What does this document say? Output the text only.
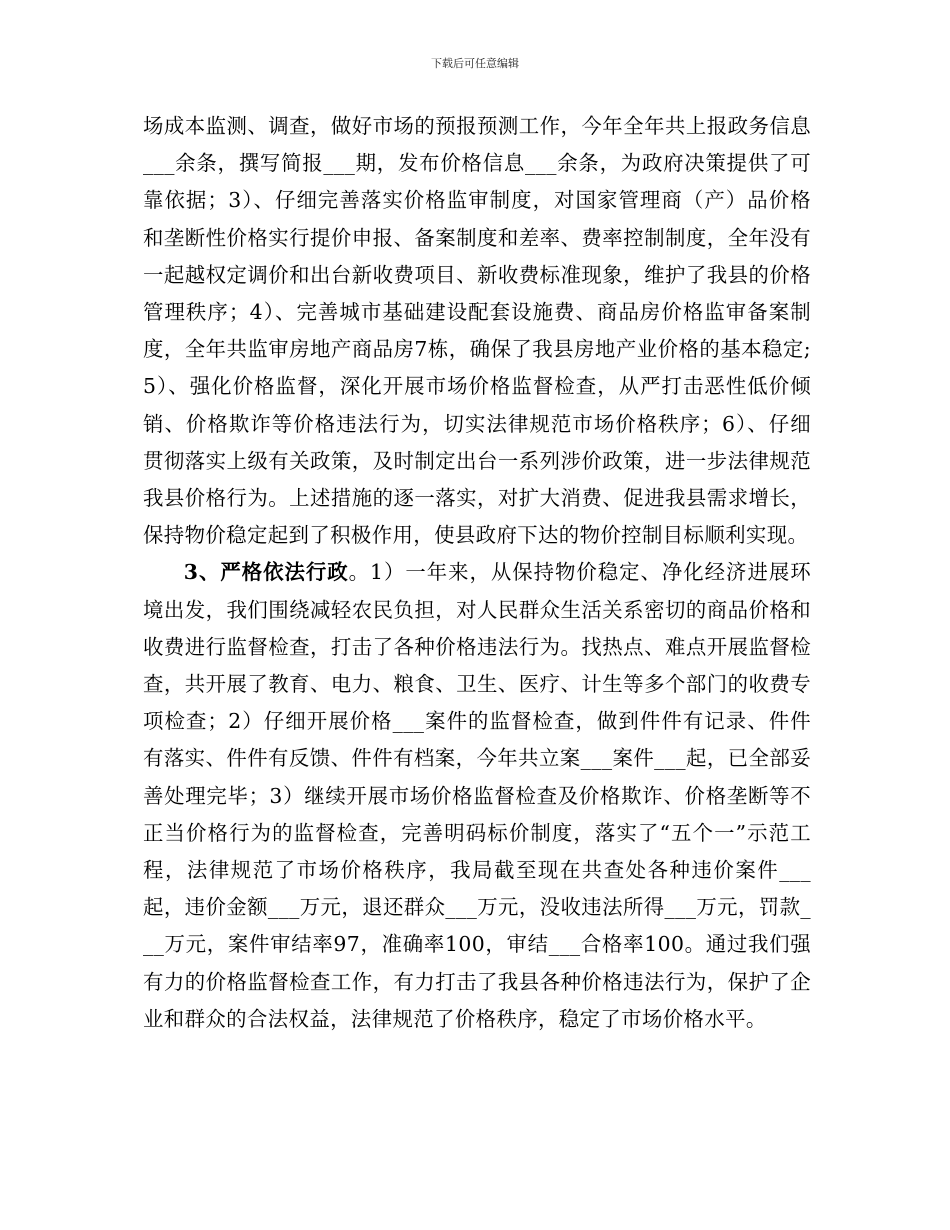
下载后可任意编辑

场成本监测、调查，做好市场的预报预测工作，今年全年共上报政务信息___余条，撰写简报___期，发布价格信息___余条，为政府决策提供了可靠依据；3）、仔细完善落实价格监审制度，对国家管理商（产）品价格和垄断性价格实行提价申报、备案制度和差率、费率控制制度，全年没有一起越权定调价和出台新收费项目、新收费标准现象，维护了我县的价格管理秩序；4）、完善城市基础建设配套设施费、商品房价格监审备案制度，全年共监审房地产商品房7栋，确保了我县房地产业价格的基本稳定;5）、强化价格监督，深化开展市场价格监督检查，从严打击恶性低价倾销、价格欺诈等价格违法行为，切实法律规范市场价格秩序；6）、仔细贯彻落实上级有关政策，及时制定出台一系列涉价政策，进一步法律规范我县价格行为。上述措施的逐一落实，对扩大消费、促进我县需求增长，保持物价稳定起到了积极作用，使县政府下达的物价控制目标顺利实现。

3、严格依法行政。1）一年来，从保持物价稳定、净化经济进展环境出发，我们围绕减轻农民负担，对人民群众生活关系密切的商品价格和收费进行监督检查，打击了各种价格违法行为。找热点、难点开展监督检查，共开展了教育、电力、粮食、卫生、医疗、计生等多个部门的收费专项检查；2）仔细开展价格___案件的监督检查，做到件件有记录、件件有落实、件件有反馈、件件有档案，今年共立案___案件___起，已全部妥善处理完毕；3）继续开展市场价格监督检查及价格欺诈、价格垄断等不正当价格行为的监督检查，完善明码标价制度，落实了“五个一”示范工程，法律规范了市场价格秩序，我局截至现在共查处各种违价案件___起，违价金额___万元，退还群众___万元，没收违法所得___万元，罚款___万元，案件审结率97，准确率100，审结___合格率100。通过我们强有力的价格监督检查工作，有力打击了我县各种价格违法行为，保护了企业和群众的合法权益，法律规范了价格秩序，稳定了市场价格水平。
